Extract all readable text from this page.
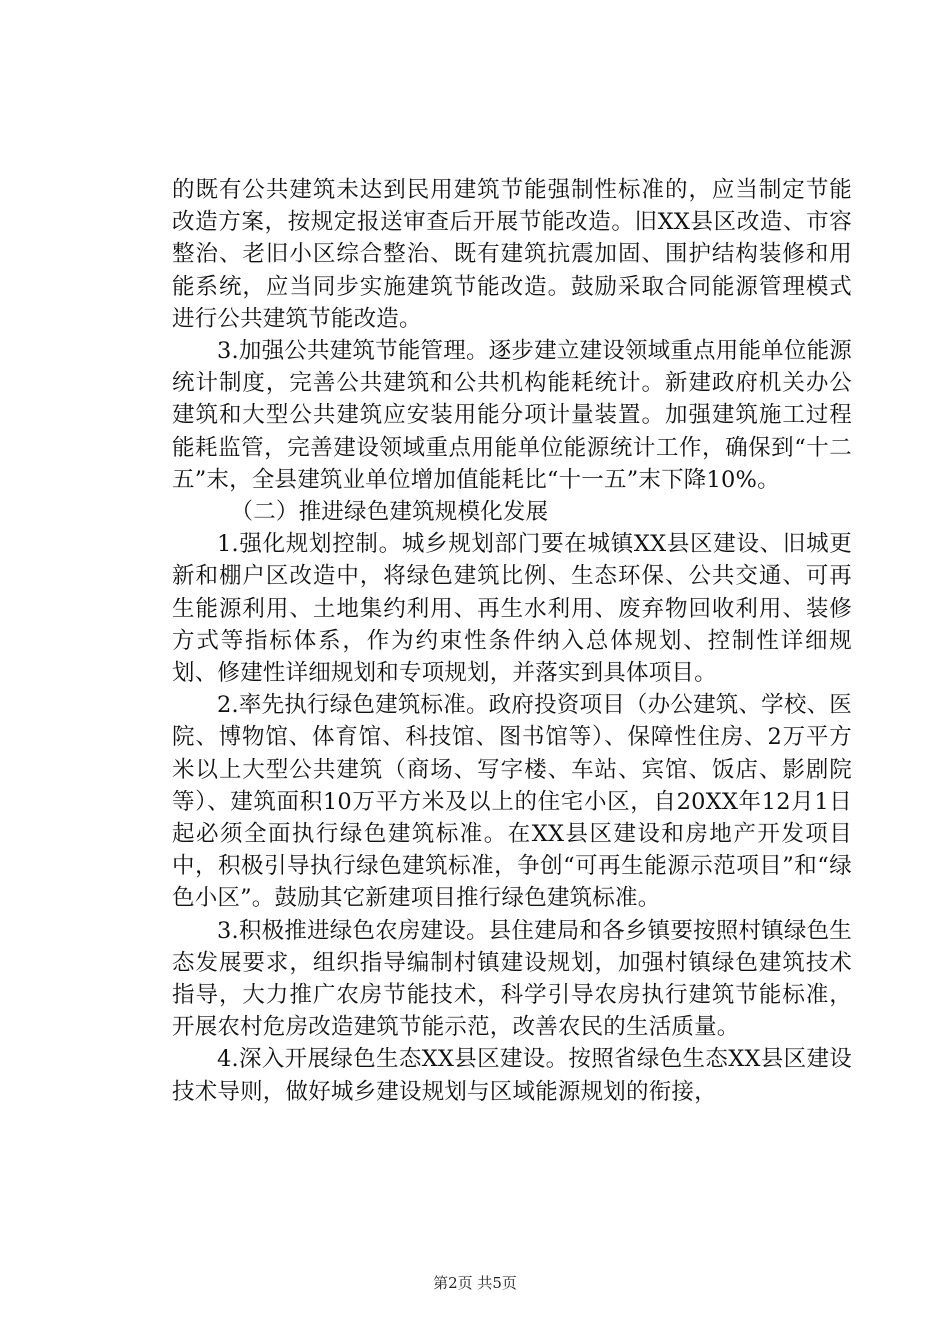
的既有公共建筑未达到民用建筑节能强制性标准的，应当制定节能改造方案，按规定报送审查后开展节能改造。旧XX县区改造、市容整治、老旧小区综合整治、既有建筑抗震加固、围护结构装修和用能系统，应当同步实施建筑节能改造。鼓励采取合同能源管理模式进行公共建筑节能改造。

3.加强公共建筑节能管理。逐步建立建设领域重点用能单位能源统计制度，完善公共建筑和公共机构能耗统计。新建政府机关办公建筑和大型公共建筑应安装用能分项计量装置。加强建筑施工过程能耗监管，完善建设领域重点用能单位能源统计工作，确保到“十二五”末，全县建筑业单位增加值能耗比“十一五”末下降10%。

（二）推进绿色建筑规模化发展

1.强化规划控制。城乡规划部门要在城镇XX县区建设、旧城更新和棚户区改造中，将绿色建筑比例、生态环保、公共交通、可再生能源利用、土地集约利用、再生水利用、废弃物回收利用、装修方式等指标体系，作为约束性条件纳入总体规划、控制性详细规划、修建性详细规划和专项规划，并落实到具体项目。

2.率先执行绿色建筑标准。政府投资项目（办公建筑、学校、医院、博物馆、体育馆、科技馆、图书馆等）、保障性住房、2万平方米以上大型公共建筑（商场、写字楼、车站、宾馆、饭店、影剧院等）、建筑面积10万平方米及以上的住宅小区，自20XX年12月1日起必须全面执行绿色建筑标准。在XX县区建设和房地产开发项目中，积极引导执行绿色建筑标准，争创“可再生能源示范项目”和“绿色小区”。鼓励其它新建项目推行绿色建筑标准。

3.积极推进绿色农房建设。县住建局和各乡镇要按照村镇绿色生态发展要求，组织指导编制村镇建设规划，加强村镇绿色建筑技术指导，大力推广农房节能技术，科学引导农房执行建筑节能标准，开展农村危房改造建筑节能示范，改善农民的生活质量。

4.深入开展绿色生态XX县区建设。按照省绿色生态XX县区建设技术导则，做好城乡建设规划与区域能源规划的衔接，

第2页 共5页
